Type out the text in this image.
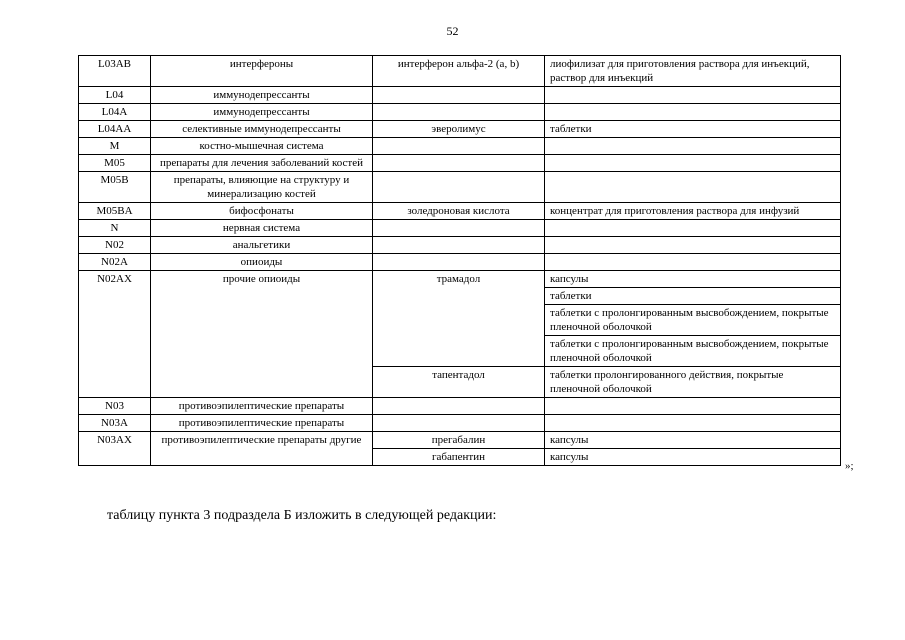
52
L03AB	интерфероны	интерферон альфа-2 (a, b)	лиофилизат для приготовления раствора для инъекций, раствор для инъекций
L04	иммунодепрессанты		
L04A	иммунодепрессанты		
L04AA	селективные иммунодепрессанты	эверолимус	таблетки
M	костно-мышечная система		
M05	препараты для лечения заболеваний костей		
M05B	препараты, влияющие на структуру и минерализацию костей		
M05BA	бифосфонаты	золедроновая кислота	концентрат для приготовления раствора для инфузий
N	нервная система		
N02	анальгетики		
N02A	опиоиды		
N02AX	прочие опиоиды	трамадол	капсулы
			таблетки
			таблетки с пролонгированным высвобождением, покрытые пленочной оболочкой
			таблетки с пролонгированным высвобождением, покрытые пленочной оболочкой
		тапентадол	таблетки пролонгированного действия, покрытые пленочной оболочкой

N03	противоэпилептические препараты		
N03A	противоэпилептические препараты		
N03AX	противоэпилептические препараты другие	прегабалин	капсулы
		габапентин	капсулы
»;
таблицу пункта 3 подраздела Б изложить в следующей редакции:
